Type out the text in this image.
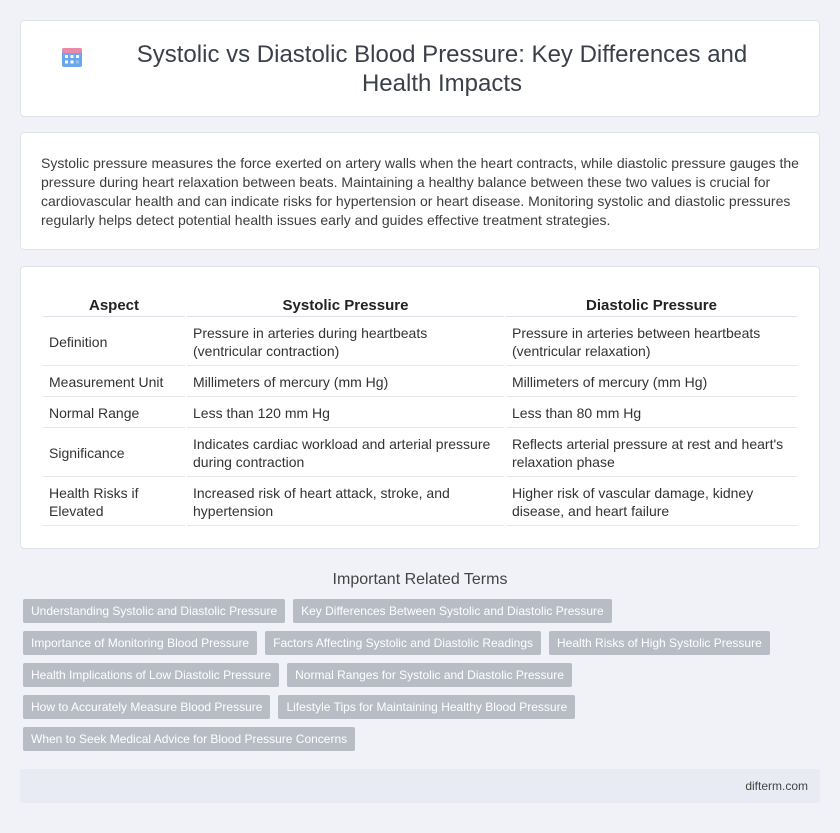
Systolic vs Diastolic Blood Pressure: Key Differences and Health Impacts

Systolic pressure measures the force exerted on artery walls when the heart contracts, while diastolic pressure gauges the pressure during heart relaxation between beats. Maintaining a healthy balance between these two values is crucial for cardiovascular health and can indicate risks for hypertension or heart disease. Monitoring systolic and diastolic pressures regularly helps detect potential health issues early and guides effective treatment strategies.

Aspect	Systolic Pressure	Diastolic Pressure
Definition	Pressure in arteries during heartbeats (ventricular contraction)	Pressure in arteries between heartbeats (ventricular relaxation)
Measurement Unit	Millimeters of mercury (mm Hg)	Millimeters of mercury (mm Hg)
Normal Range	Less than 120 mm Hg	Less than 80 mm Hg
Significance	Indicates cardiac workload and arterial pressure during contraction	Reflects arterial pressure at rest and heart's relaxation phase
Health Risks if Elevated	Increased risk of heart attack, stroke, and hypertension	Higher risk of vascular damage, kidney disease, and heart failure
Important Related Terms
Understanding Systolic and Diastolic Pressure	Key Differences Between Systolic and Diastolic Pressure
Importance of Monitoring Blood Pressure	Factors Affecting Systolic and Diastolic Readings	Health Risks of High Systolic Pressure
Health Implications of Low Diastolic Pressure	Normal Ranges for Systolic and Diastolic Pressure
How to Accurately Measure Blood Pressure	Lifestyle Tips for Maintaining Healthy Blood Pressure
When to Seek Medical Advice for Blood Pressure Concerns
difterm.com
